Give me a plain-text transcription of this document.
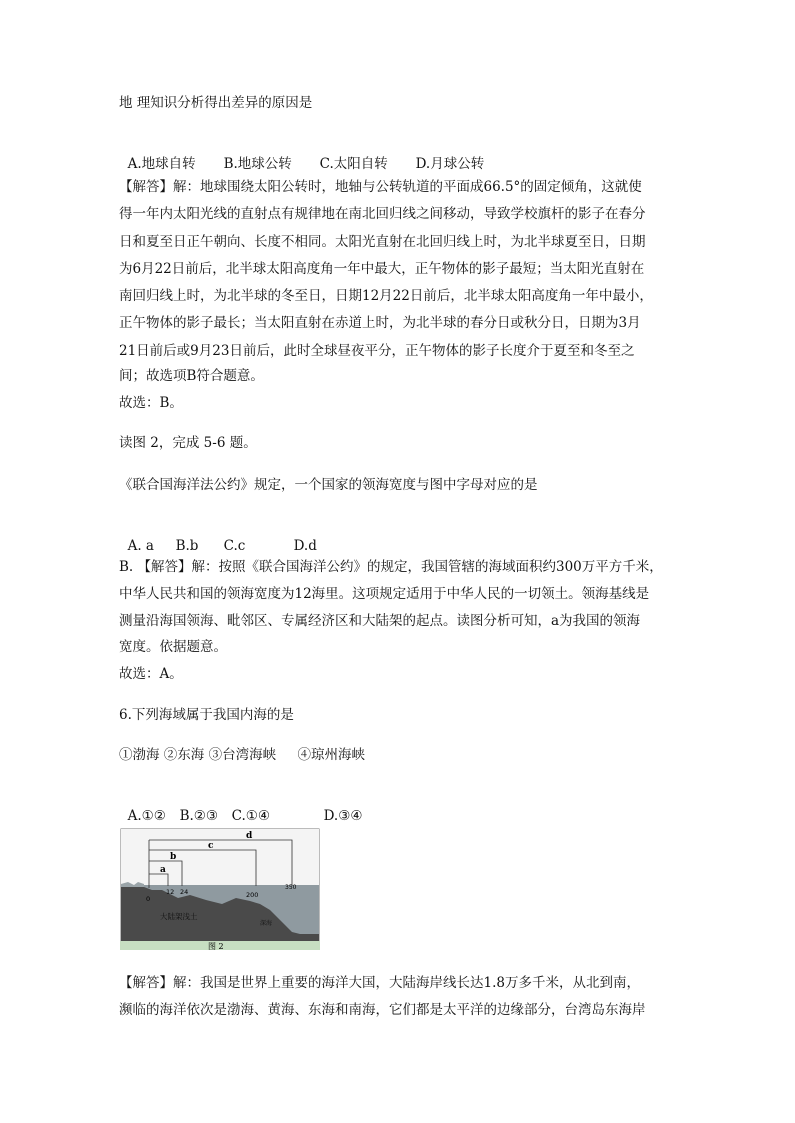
地 理知识分析得出差异的原因是

A.地球自转 B.地球公转 C.太阳自转 D.月球公转

【解答】解：地球围绕太阳公转时，地轴与公转轨道的平面成66.5°的固定倾角，这就使
得一年内太阳光线的直射点有规律地在南北回归线之间移动，导致学校旗杆的影子在春分
日和夏至日正午朝向、长度不相同。太阳光直射在北回归线上时，为北半球夏至日，日期
为6月22日前后，北半球太阳高度角一年中最大，正午物体的影子最短；当太阳光直射在
南回归线上时，为北半球的冬至日，日期12月22日前后，北半球太阳高度角一年中最小，
正午物体的影子最长；当太阳直射在赤道上时，为北半球的春分日或秋分日，日期为3月
21日前后或9月23日前后，此时全球昼夜平分，正午物体的影子长度介于夏至和冬至之
间；故选项B符合题意。
故选：B。
读图 2，完成 5-6 题。
《联合国海洋法公约》规定，一个国家的领海宽度与图中字母对应的是

A. a B.b C.c	D.d

B. 【解答】解：按照《联合国海洋公约》的规定，我国管辖的海域面积约300万平方千米，
中华人民共和国的领海宽度为12海里。这项规定适用于中华人民的一切领土。领海基线是
测量沿海国领海、毗邻区、专属经济区和大陆架的起点。读图分析可知，a为我国的领海
宽度。依据题意。
故选：A。
6.下列海域属于我国内海的是
①渤海 ②东海 ③台湾海峡     ④琼州海峡

A.①② B.②③ C.①④	D.③④

d
c
b
a
0
12 24	200
350
大陆架浅土
深海
图 2
【解答】解：我国是世界上重要的海洋大国，大陆海岸线长达1.8万多千米，从北到南，
濒临的海洋依次是渤海、黄海、东海和南海，它们都是太平洋的边缘部分，台湾岛东海岸
